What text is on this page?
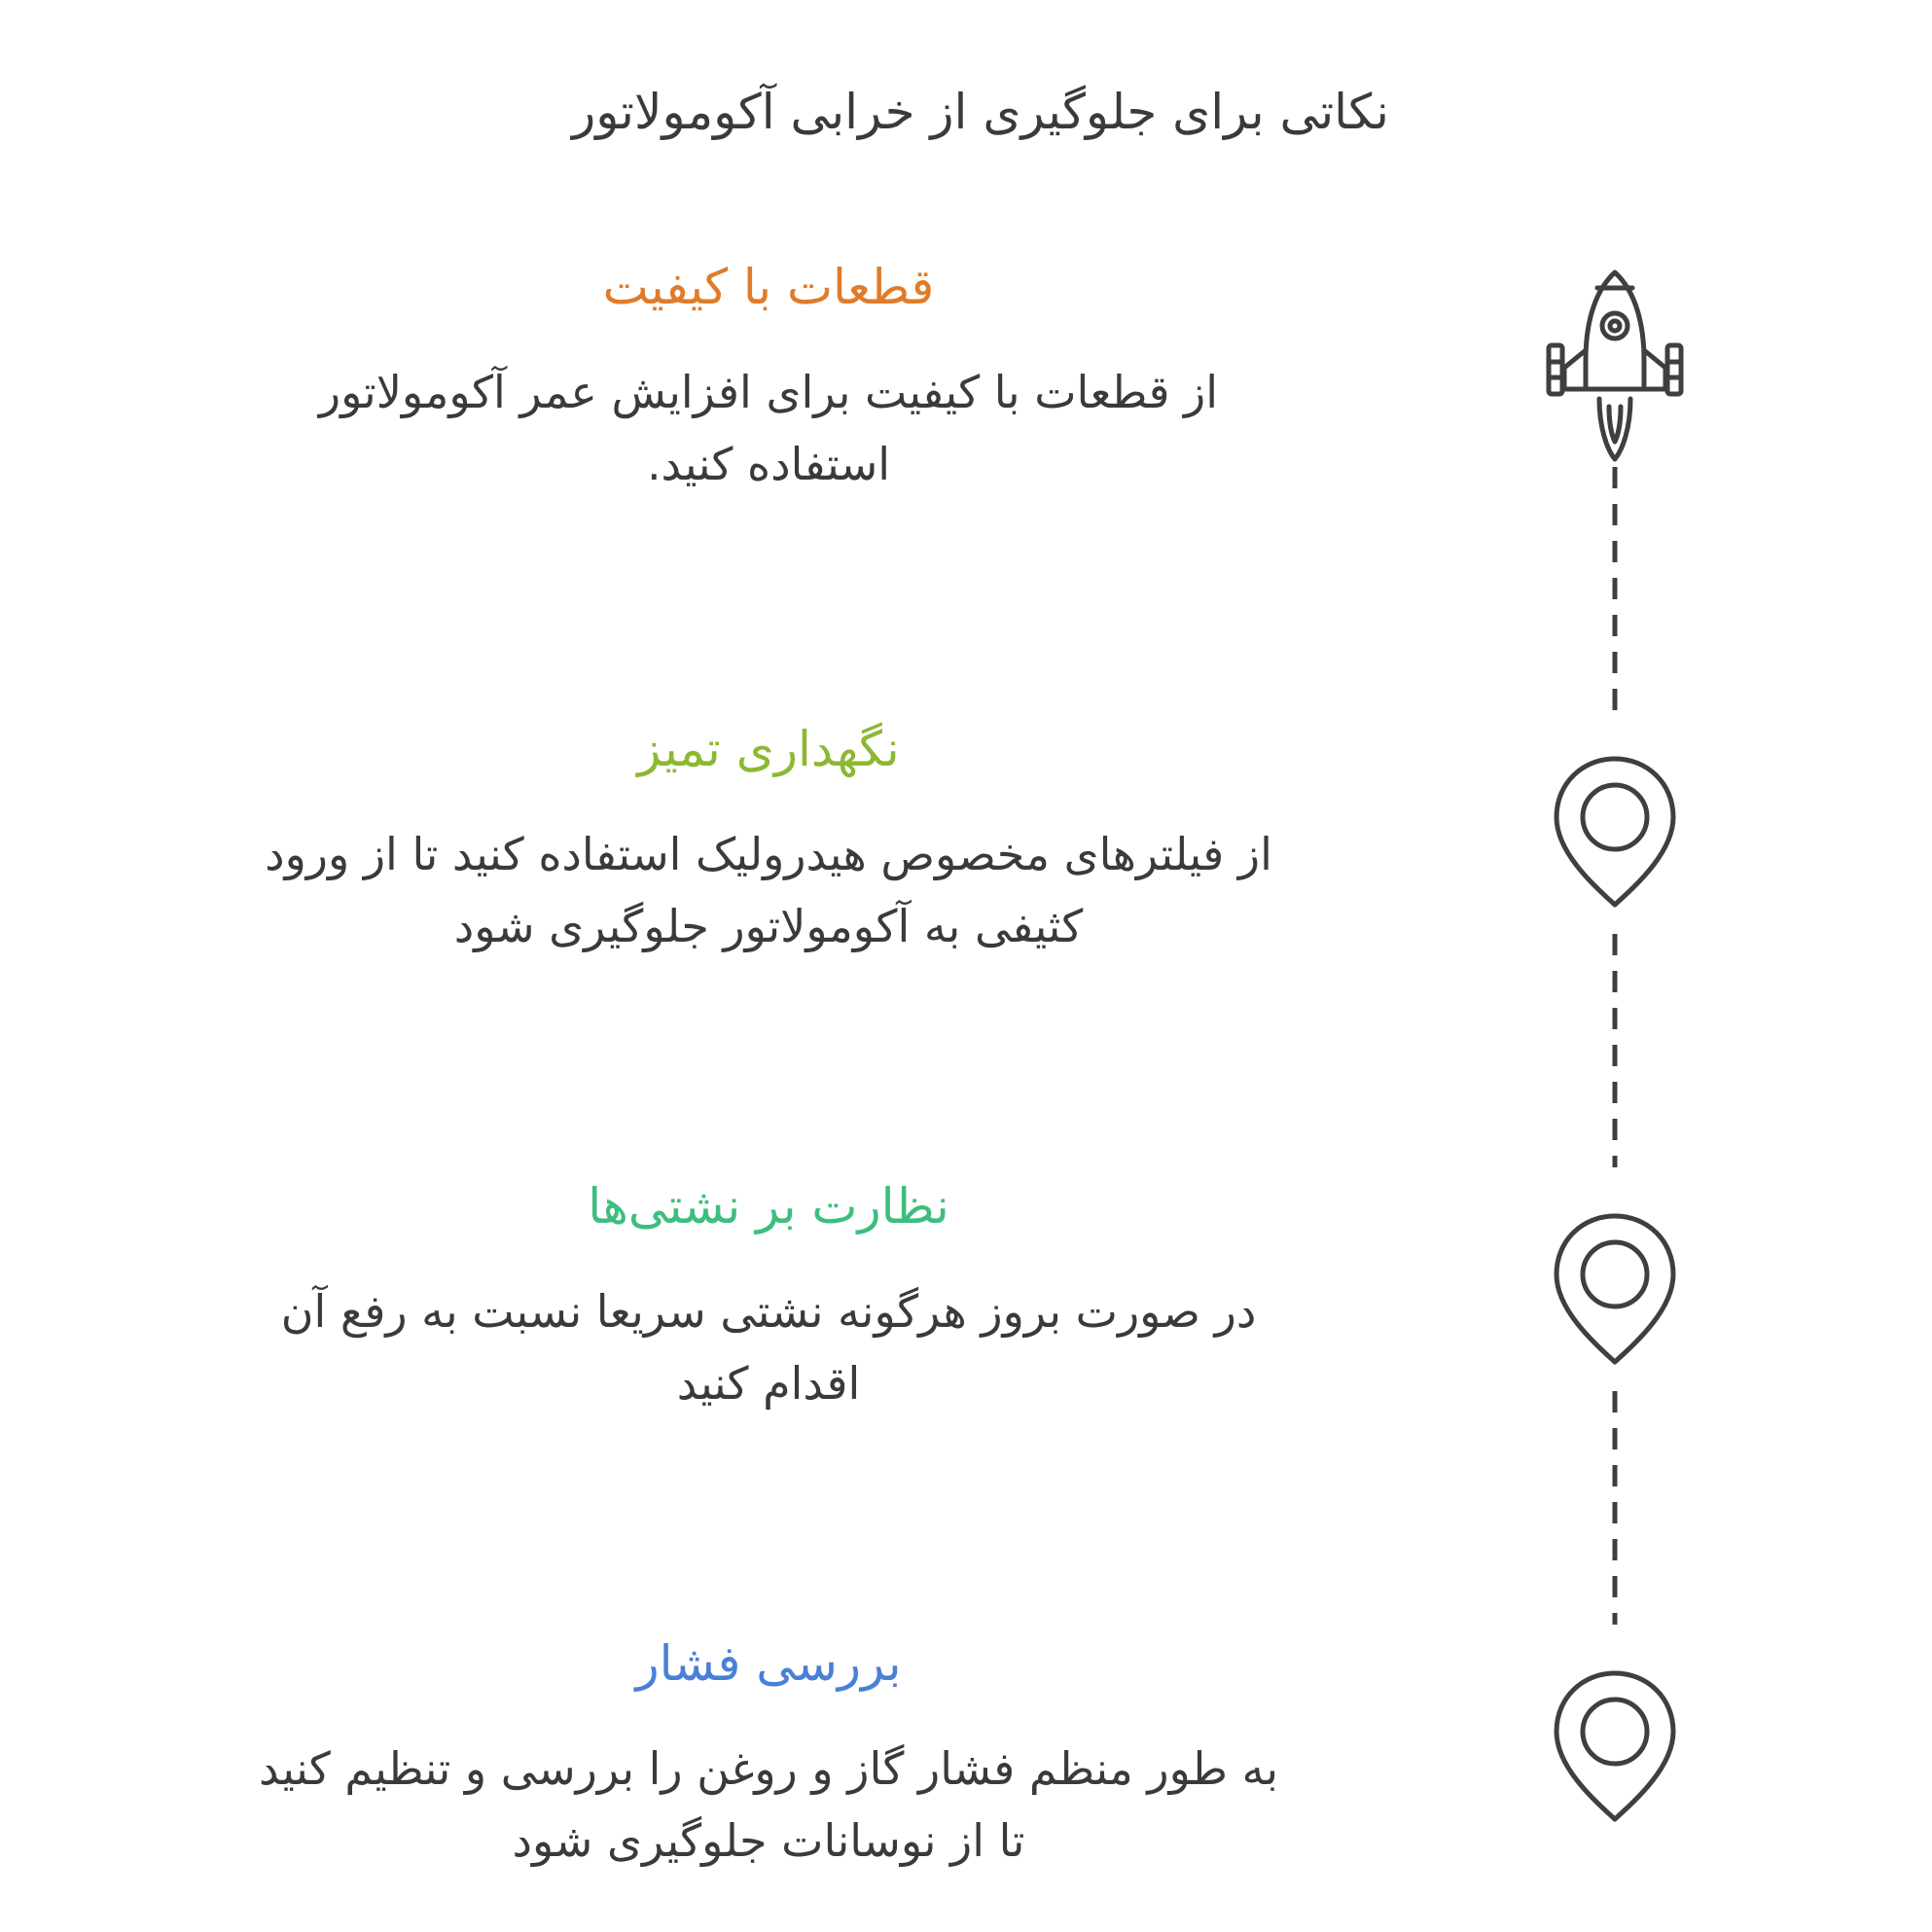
نکاتی برای جلوگیری از خرابی آکومولاتور
قطعات با کیفیت

از قطعات با کیفیت برای افزایش عمر آکومولاتور استفاده کنید.

نگهداری تمیز

از فیلترهای مخصوص هیدرولیک استفاده کنید تا از ورود کثیفی به آکومولاتور جلوگیری شود

نظارت بر نشتی‌ها

در صورت بروز هرگونه نشتی سریعا نسبت به رفع آن اقدام کنید

بررسی فشار

به طور منظم فشار گاز و روغن را بررسی و تنظیم کنید تا از نوسانات جلوگیری شود
